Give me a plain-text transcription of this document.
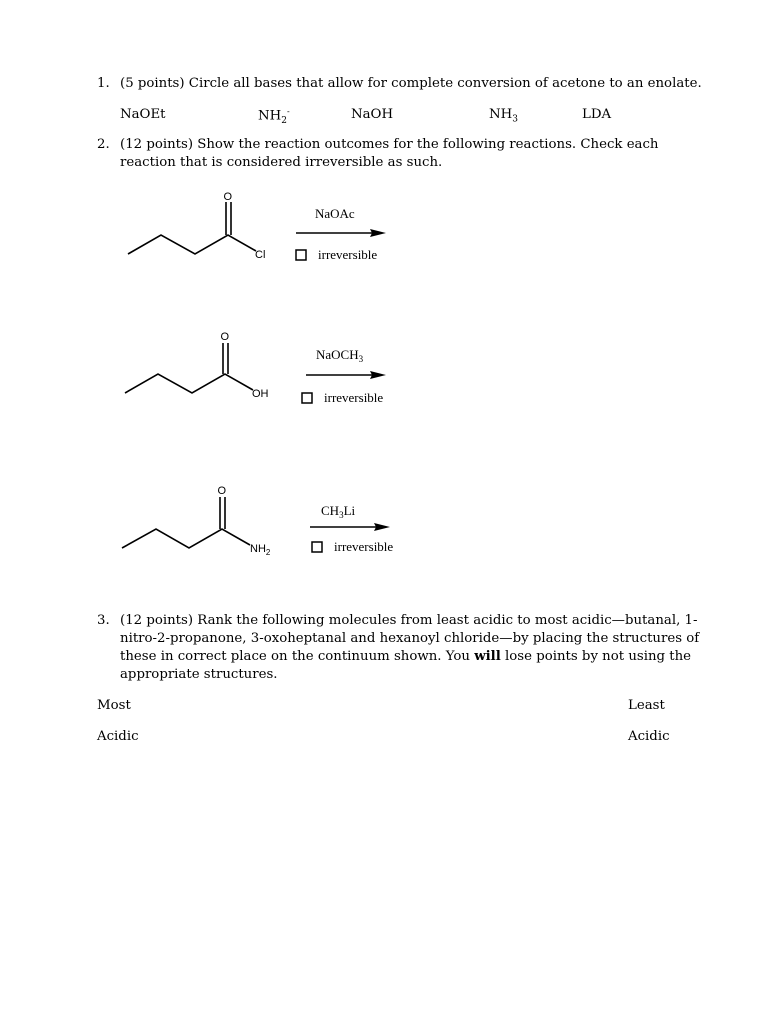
1. (5 points) Circle all bases that allow for complete conversion of acetone to an enolate.
NaOEt	$NH_2^-$	NaOH	$NH_3$	LDA
2. (12 points) Show the reaction outcomes for the following reactions. Check each reaction that is considered irreversible as such.
O
Cl
NaOAc
irreversible
O
OH
NaOCH$_3$
irreversible
O
$NH_2$
$CH_3Li$
irreversible
3. (12 points) Rank the following molecules from least acidic to most acidic—butanal, 1-nitro-2-propanone, 3-oxoheptanal and hexanoyl chloride—by placing the structures of these in correct place on the continuum shown. You will lose points by not using the appropriate structures.
Most
Acidic
Least
Acidic
